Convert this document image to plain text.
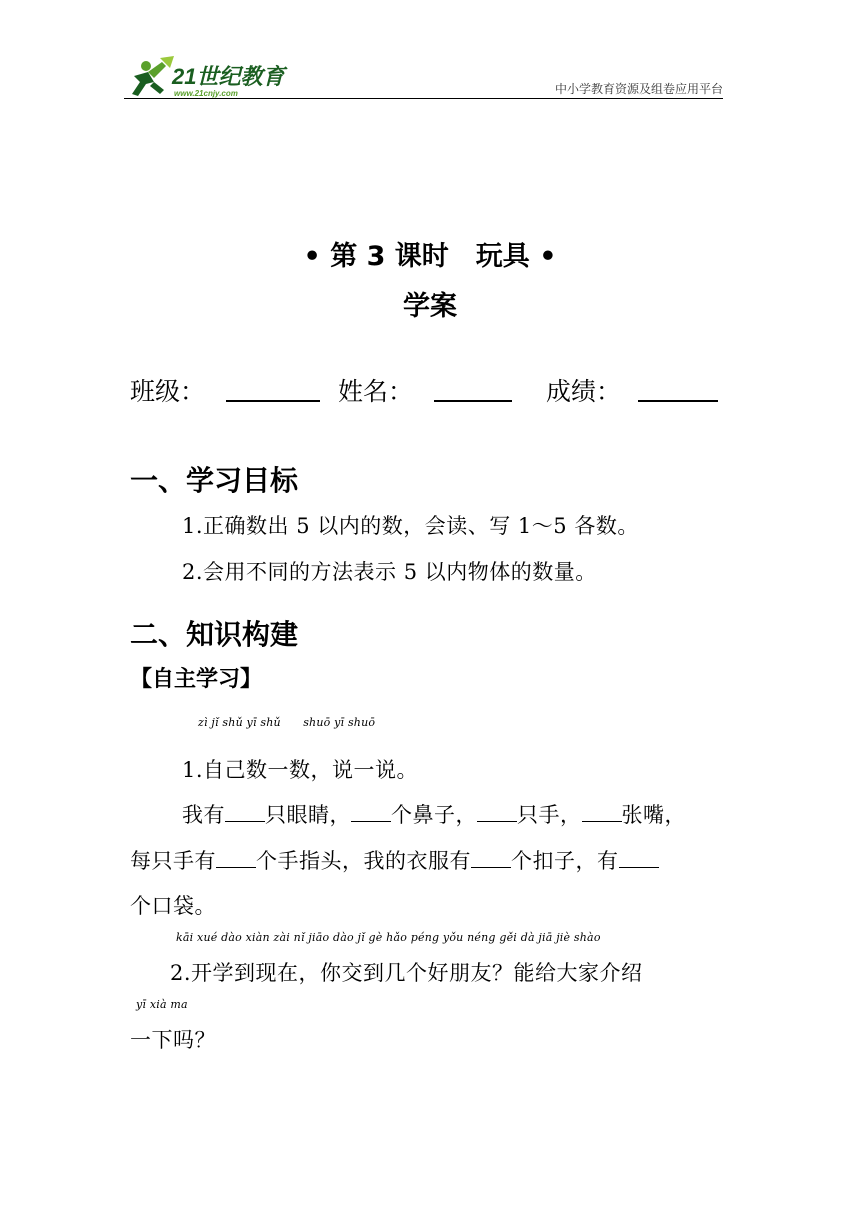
21世纪教育
www.21cnjy.com	中小学教育资源及组卷应用平台
• 第 3 课时　玩具 •
学案
班级：	姓名：	成绩：
一、学习目标
1.正确数出 5 以内的数，会读、写 1～5 各数。
2.会用不同的方法表示 5 以内物体的数量。
二、知识构建
【自主学习】
zì jǐ shǔ yī shǔ　　shuō yī shuō
1.自己数一数，说一说。
我有 只眼睛， 个鼻子， 只手， 张嘴，
每只手有 个手指头，我的衣服有 个扣子，有
个口袋。
kāi xué dào xiàn zài nǐ jiāo dào jǐ gè hǎo péng yǒu néng gěi dà jiā jiè shào
2.开学到现在，你交到几个好朋友？能给大家介绍
yī xià ma
一下吗？
